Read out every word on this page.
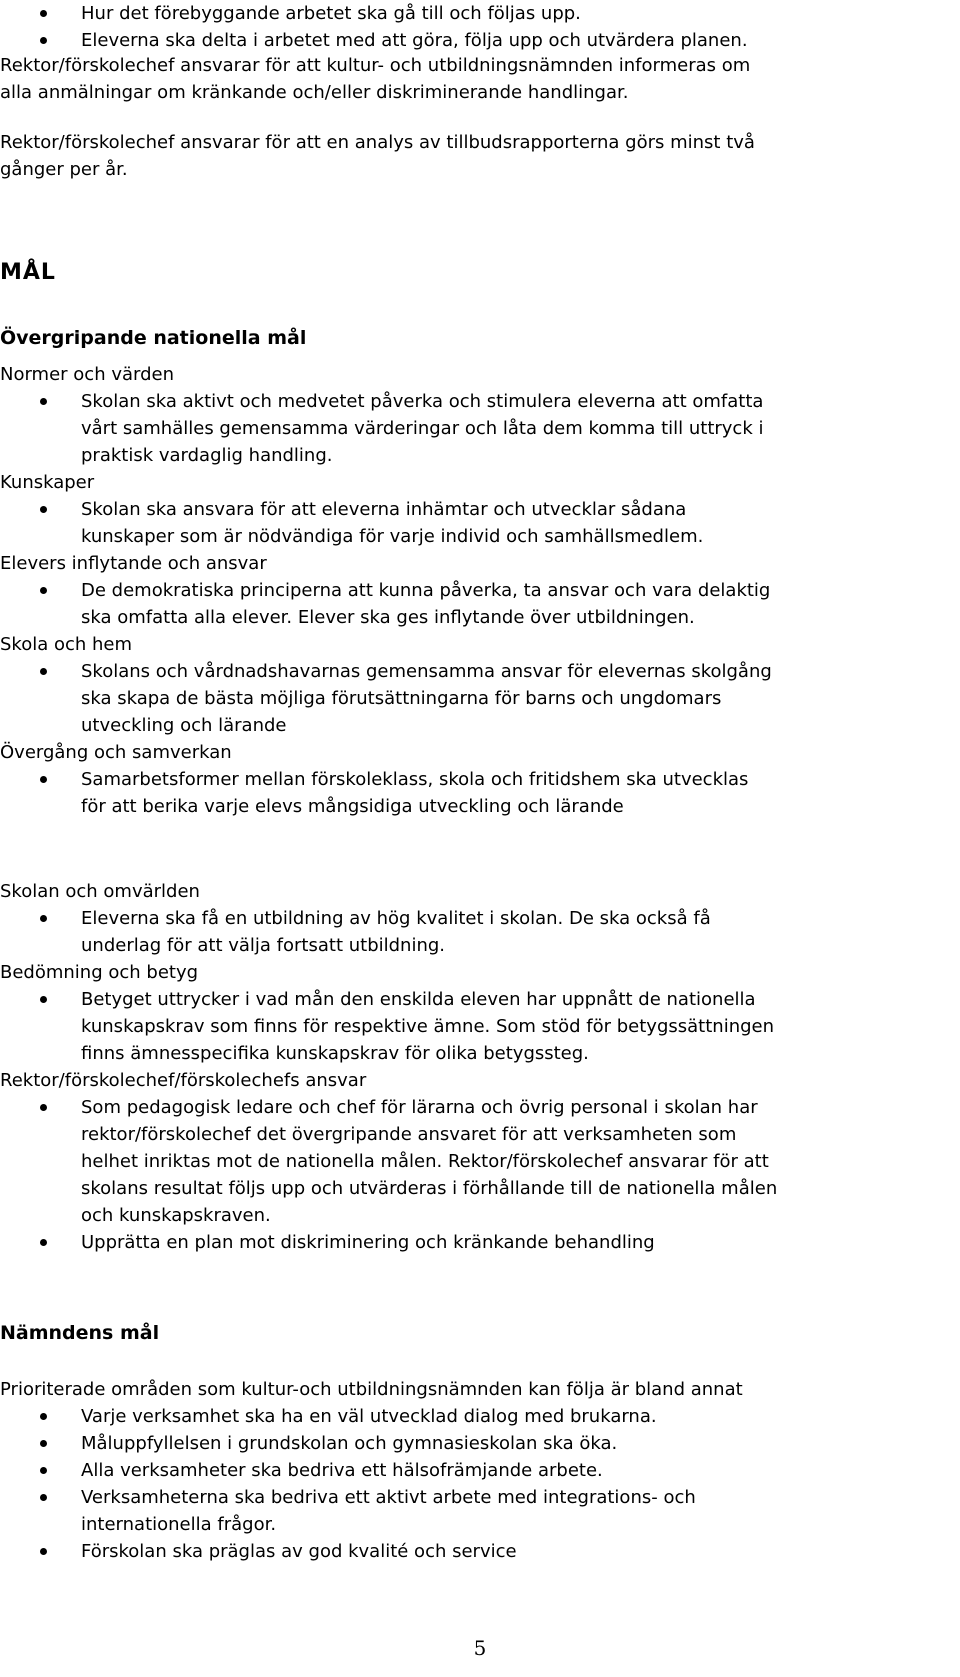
Hur det förebyggande arbetet ska gå till och följas upp.
Eleverna ska delta i arbetet med att göra, följa upp och utvärdera planen.

Rektor/förskolechef ansvarar för att kultur- och utbildningsnämnden informeras om
alla anmälningar om kränkande och/eller diskriminerande handlingar.

Rektor/förskolechef ansvarar för att en analys av tillbudsrapporterna görs minst två
gånger per år.

MÅL
Övergripande nationella mål

Normer och värden

Skolan ska aktivt och medvetet påverka och stimulera eleverna att omfatta
vårt samhälles gemensamma värderingar och låta dem komma till uttryck i
praktisk vardaglig handling.

Kunskaper

Skolan ska ansvara för att eleverna inhämtar och utvecklar sådana
kunskaper som är nödvändiga för varje individ och samhällsmedlem.

Elevers inflytande och ansvar

De demokratiska principerna att kunna påverka, ta ansvar och vara delaktig
ska omfatta alla elever. Elever ska ges inflytande över utbildningen.

Skola och hem

Skolans och vårdnadshavarnas gemensamma ansvar för elevernas skolgång
ska skapa de bästa möjliga förutsättningarna för barns och ungdomars
utveckling och lärande

Övergång och samverkan

Samarbetsformer mellan förskoleklass, skola och fritidshem ska utvecklas
för att berika varje elevs mångsidiga utveckling och lärande

Skolan och omvärlden

Eleverna ska få en utbildning av hög kvalitet i skolan. De ska också få
underlag för att välja fortsatt utbildning.

Bedömning och betyg

Betyget uttrycker i vad mån den enskilda eleven har uppnått de nationella
kunskapskrav som finns för respektive ämne. Som stöd för betygssättningen
finns ämnesspecifika kunskapskrav för olika betygssteg.

Rektor/förskolechef/förskolechefs ansvar

Som pedagogisk ledare och chef för lärarna och övrig personal i skolan har
rektor/förskolechef det övergripande ansvaret för att verksamheten som
helhet inriktas mot de nationella målen. Rektor/förskolechef ansvarar för att
skolans resultat följs upp och utvärderas i förhållande till de nationella målen
och kunskapskraven.
Upprätta en plan mot diskriminering och kränkande behandling
Nämndens mål

Prioriterade områden som kultur-och utbildningsnämnden kan följa är bland annat

Varje verksamhet ska ha en väl utvecklad dialog med brukarna.
Måluppfyllelsen i grundskolan och gymnasieskolan ska öka.
Alla verksamheter ska bedriva ett hälsofrämjande arbete.
Verksamheterna ska bedriva ett aktivt arbete med integrations- och
internationella frågor.
Förskolan ska präglas av god kvalité och service
5
